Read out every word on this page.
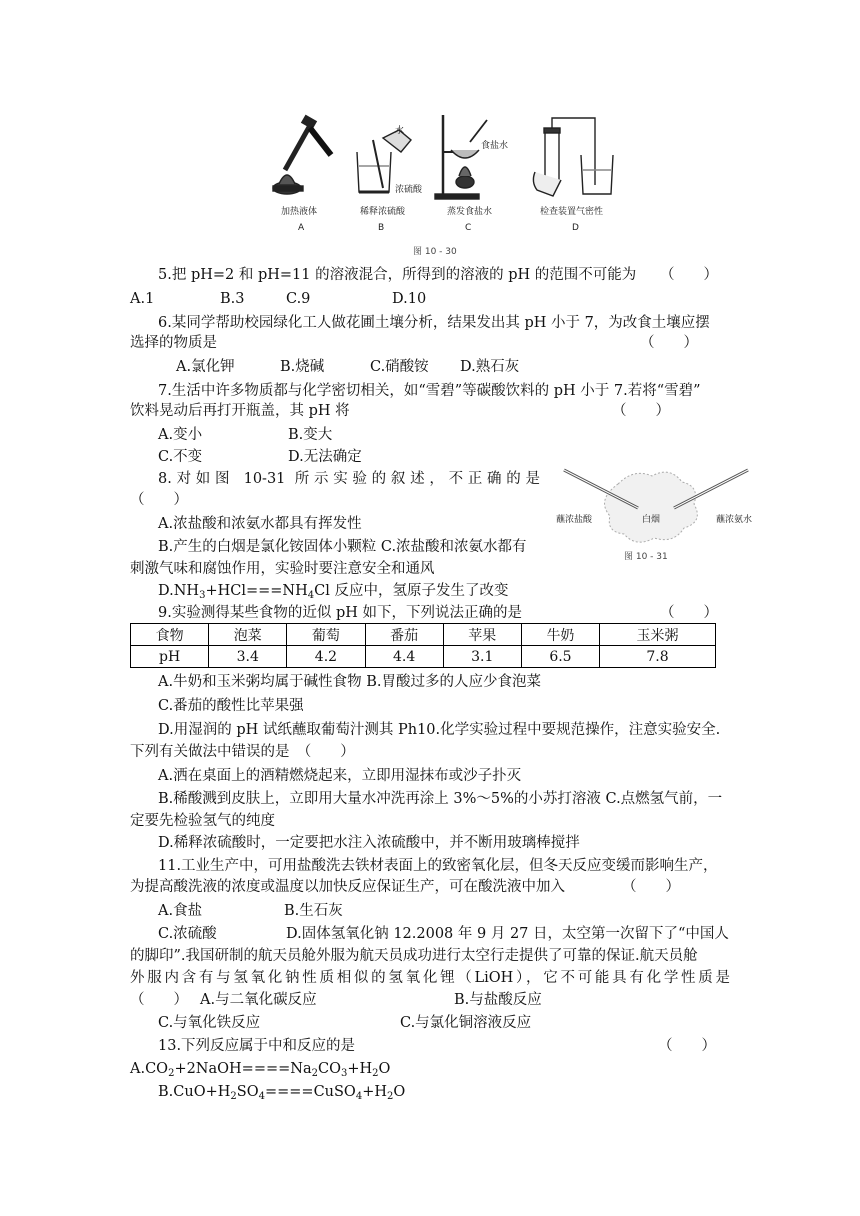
水
浓硫酸
食盐水
加热液体
A
稀释浓硫酸
B
蒸发食盐水
C
检查装置气密性
D
图 10 - 30
5.把 pH=2 和 pH=11 的溶液混合，所得到的溶液的 pH 的范围不可能为 （　　）
A.1	B.3	C.9	D.10
6.某同学帮助校园绿化工人做花圃土壤分析，结果发出其 pH 小于 7，为改食土壤应摆
选择的物质是	（　　）
A.氯化钾	B.烧碱	C.硝酸铵 D.熟石灰
7.生活中许多物质都与化学密切相关，如“雪碧”等碳酸饮料的 pH 小于 7.若将“雪碧”
饮料晃动后再打开瓶盖，其 pH 将	（　　）
A.变小	B.变大
C.不变	D.无法确定
8.对如图 10-31 所示实验的叙述，不正确的是
（　　）
A.浓盐酸和浓氨水都具有挥发性
B.产生的白烟是氯化铵固体小颗粒 C.浓盐酸和浓氨水都有
刺激气味和腐蚀作用，实验时要注意安全和通风
$D.NH_3+HCl===NH_4Cl$ 反应中，氢原子发生了改变
蘸浓盐酸	白烟	蘸浓氨水
图 10 - 31
9.实验测得某些食物的近似 pH 如下，下列说法正确的是	（　　）
食物	泡菜	葡萄	番茄	苹果	牛奶	玉米粥
pH	3.4	4.2	4.4	3.1	6.5	7.8
A.牛奶和玉米粥均属于碱性食物 B.胃酸过多的人应少食泡菜
C.番茄的酸性比苹果强
D.用湿润的 pH 试纸蘸取葡萄汁测其 Ph10.化学实验过程中要规范操作，注意实验安全.
下列有关做法中错误的是　（　　）
A.洒在桌面上的酒精燃烧起来，立即用湿抹布或沙子扑灭
B.稀酸溅到皮肤上，立即用大量水冲洗再涂上 3%～5%的小苏打溶液 C.点燃氢气前，一
定要先检验氢气的纯度
D.稀释浓硫酸时，一定要把水注入浓硫酸中，并不断用玻璃棒搅拌
11.工业生产中，可用盐酸洗去铁材表面上的致密氧化层，但冬天反应变缓而影响生产，
为提高酸洗液的浓度或温度以加快反应保证生产，可在酸洗液中加入	（　　）
A.食盐	B.生石灰
C.浓硫酸	D.固体氢氧化钠 12.2008 年 9 月 27 日，太空第一次留下了“中国人
的脚印”.我国研制的航天员舱外服为航天员成功进行太空行走提供了可靠的保证.航天员舱
外服内含有与氢氧化钠性质相似的氢氧化锂（LiOH），它不可能具有化学性质是
（　　） A.与二氧化碳反应	B.与盐酸反应
C.与氧化铁反应	C.与氯化铜溶液反应
13.下列反应属于中和反应的是	（　　）
$A.CO_2+2NaOH====Na_2CO_3+H_2O$
$B.CuO+H_2SO_4====CuSO_4+H_2O$
